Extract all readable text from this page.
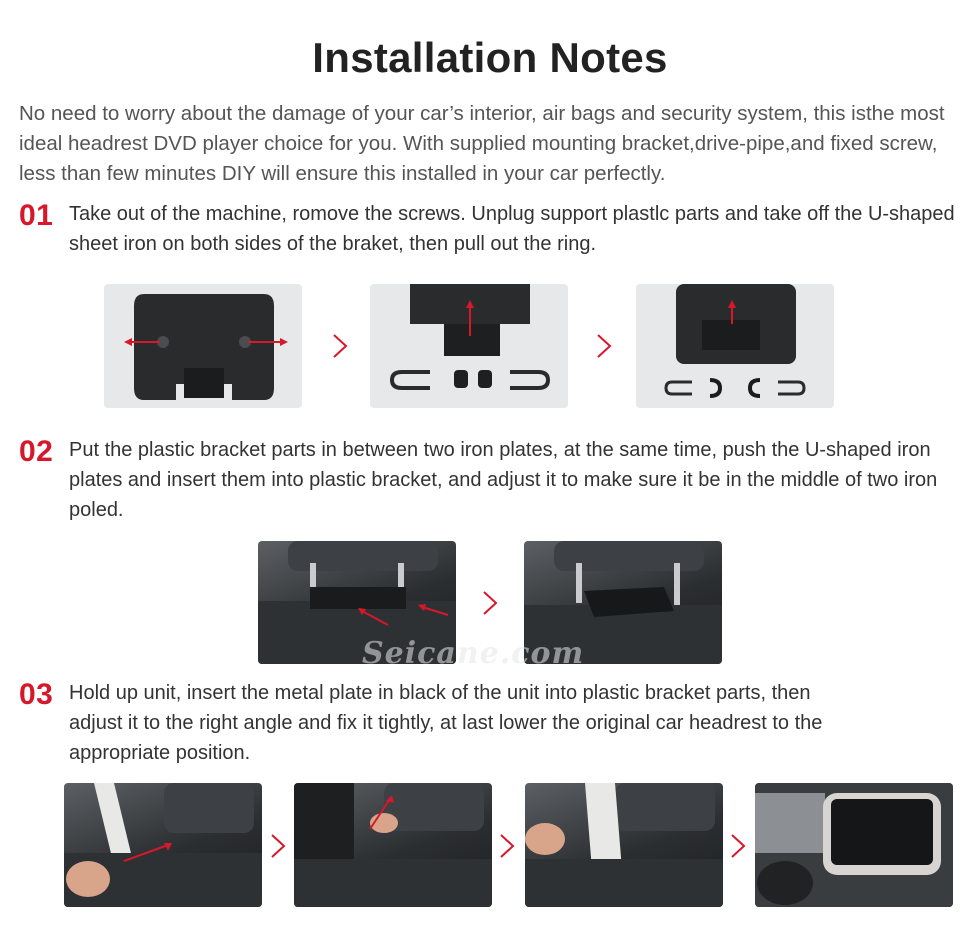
Installation Notes

No need to worry about the damage of your car’s interior, air bags and security system, this isthe most ideal headrest DVD player choice for you. With supplied mounting bracket,drive-pipe,and fixed screw, less than few minutes DIY will ensure this installed in your car perfectly.

01 Take out of the machine, romove the screws. Unplug support plastlc parts and take off the U-shaped sheet iron on both sides of the braket, then pull out the ring.

02 Put the plastic bracket parts in between two iron plates, at the same time, push the U-shaped iron plates and insert them into plastic bracket, and adjust it to make sure it be in the middle of two iron poled.

Seicane.com
03 Hold up unit, insert the metal plate in black of the unit into plastic bracket parts, then adjust it to the right angle and fix it tightly, at last lower the original car headrest to the appropriate position.
